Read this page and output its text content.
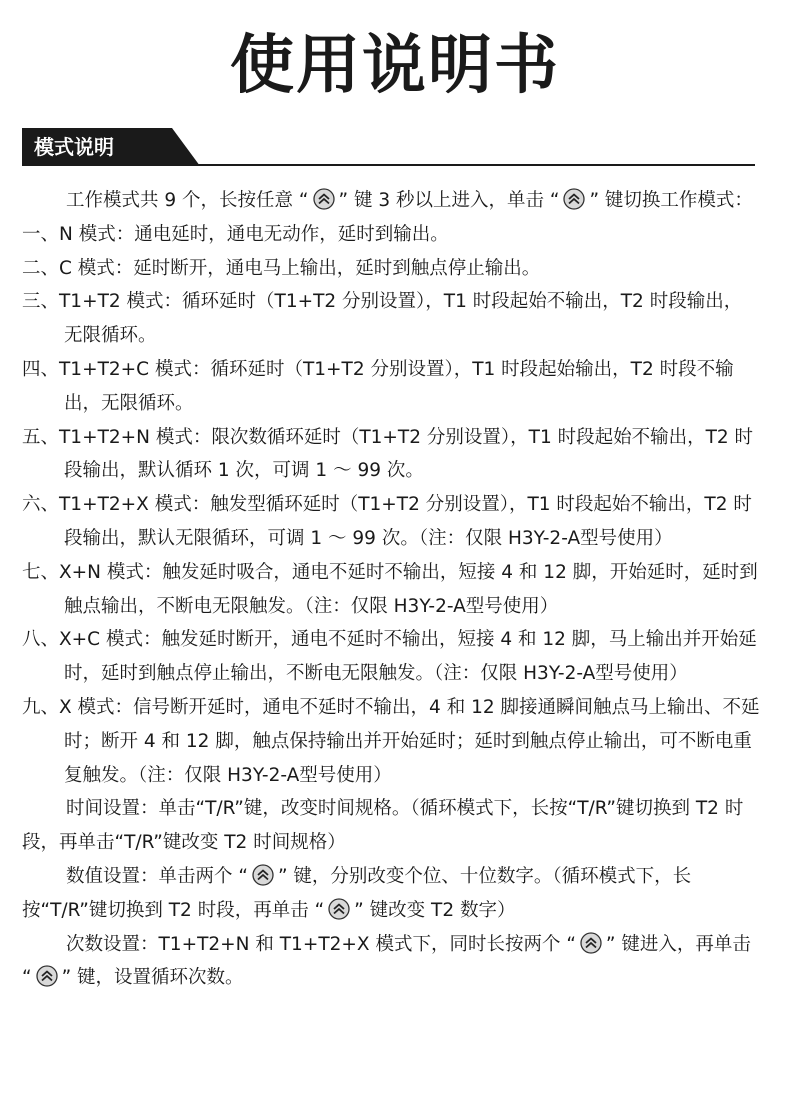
使用说明书
模式说明

工作模式共 9 个，长按任意 “ ” 键 3 秒以上进入，单击 “ ” 键切换工作模式：

一、N 模式：通电延时，通电无动作，延时到输出。

二、C 模式：延时断开，通电马上输出，延时到触点停止输出。

三、T1+T2 模式：循环延时（T1+T2 分别设置），T1 时段起始不输出，T2 时段输出，无限循环。

四、T1+T2+C 模式：循环延时（T1+T2 分别设置），T1 时段起始输出，T2 时段不输出，无限循环。

五、T1+T2+N 模式：限次数循环延时（T1+T2 分别设置），T1 时段起始不输出，T2 时段输出，默认循环 1 次，可调 1 ～ 99 次。

六、T1+T2+X 模式：触发型循环延时（T1+T2 分别设置），T1 时段起始不输出，T2 时段输出，默认无限循环，可调 1 ～ 99 次。（注：仅限 H3Y-2-A型号使用）

七、X+N 模式：触发延时吸合，通电不延时不输出，短接 4 和 12 脚，开始延时，延时到触点输出，不断电无限触发。（注：仅限 H3Y-2-A型号使用）

八、X+C 模式：触发延时断开，通电不延时不输出，短接 4 和 12 脚，马上输出并开始延时，延时到触点停止输出，不断电无限触发。（注：仅限 H3Y-2-A型号使用）

九、X 模式：信号断开延时，通电不延时不输出，4 和 12 脚接通瞬间触点马上输出、不延时；断开 4 和 12 脚，触点保持输出并开始延时；延时到触点停止输出，可不断电重复触发。（注：仅限 H3Y-2-A型号使用）

时间设置：单击“T/R”键，改变时间规格。（循环模式下，长按“T/R”键切换到 T2 时段，再单击“T/R”键改变 T2 时间规格）

数值设置：单击两个 “ ” 键，分别改变个位、十位数字。（循环模式下，长按“T/R”键切换到 T2 时段，再单击 “ ” 键改变 T2 数字）

次数设置：T1+T2+N 和 T1+T2+X 模式下，同时长按两个 “ ” 键进入，再单击 “ ” 键，设置循环次数。
